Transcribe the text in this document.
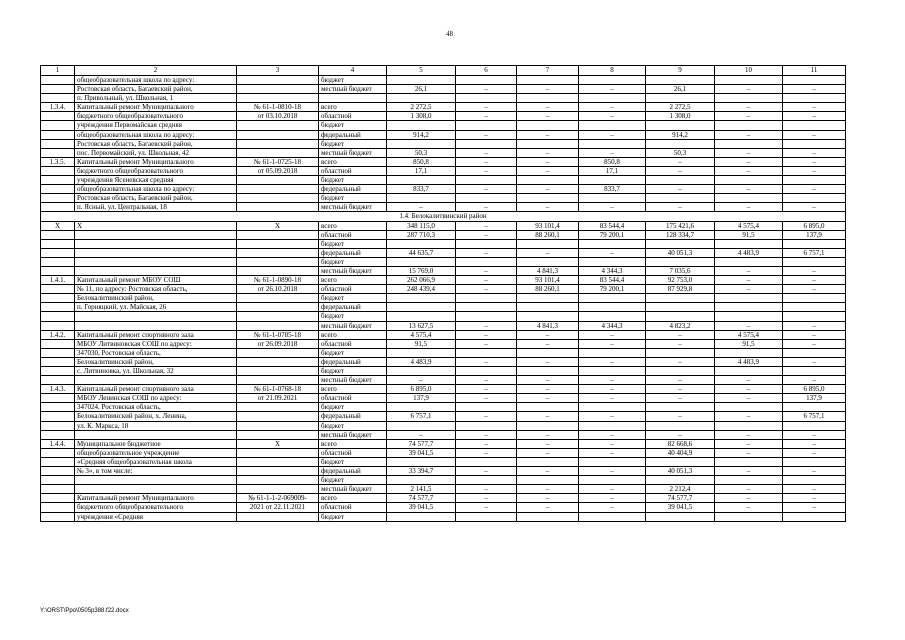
48
1	2	3	4	5	6	7	8	9	10	11
	общеобразовательная школа по адресу:		бюджет							
	Ростовская область, Багаевский район,		местный бюджет	26,1	–	–	–	26,1	–	–
	п. Привольный, ул. Школьная, 1									
1.3.4.	Капитальный ремонт Муниципального	№ 61-1-0810-18	всего	2 272,5	–	–	–	2 272,5	–	–
	бюджетного общеобразовательного	от 03.10.2018	областной	1 308,0	–	–	–	1 308,0	–	–
	учреждения Первомайская средняя		бюджет							
	общеобразовательная школа по адресу:		федеральный	914,2	–	–	–	914,2	–	–
	Ростовская область, Багаевский район,		бюджет							
	пос. Первомайский, ул. Школьная, 42		местный бюджет	50,3	–	–	–	50,3	–	–
1.3.5.	Капитальный ремонт Муниципального	№ 61-1-0725-18	всего	850,8	–	–	850,8	–	–	–
	бюджетного общеобразовательного	от 05.09.2018	областной	17,1	–	–	17,1	–	–	–
	учреждения Ясеневская средняя		бюджет							
	общеобразовательная школа по адресу:		федеральный	833,7	–	–	833,7	–	–	–
	Ростовская область, Багаевский район,		бюджет							
	п. Ясный, ул. Центральная, 18		местный бюджет	–	–	–	–	–	–	–
1.4. Белокалитвинский район										
X	X	X	всего	348 115,0	–	93 101,4	83 544,4	175 421,6	4 575,4	6 895,0
			областной	287 710,3	–	88 260,1	79 200,1	128 334,7	91,5	137,9
			бюджет							
			федеральный	44 635,7	–	–	–	40 051,3	4 483,9	6 757,1
			бюджет							
			местный бюджет	15 769,0	–	4 841,3	4 344,3	7 035,6	–	–
1.4.1.	Капитальный ремонт МБОУ СОШ	№ 61-1-0890-18	всего	262 066,9	–	93 101,4	83 544,4	92 753,0	–	–
	№ 11, по адресу: Ростовская область,	от 26.10.2018	областной	248 439,4	–	88 260,1	79 200,1	87 929,8	–	–
	Белокалитвинский район,		бюджет							
	п. Горняцкий, ул. Майская, 26		федеральный							
			бюджет							
			местный бюджет	13 627,5	–	4 841,3	4 344,3	4 823,2	–	–
1.4.2.	Капитальный ремонт спортивного зала	№ 61-1-0785-18	всего	4 575,4	–	–	–	–	4 575,4	–
	МБОУ Литвиновская СОШ по адресу:	от 26.09.2018	областной	91,5	–	–	–	–	91,5	–
	347030, Ростовская область,		бюджет							
	Белокалитвинский район,		федеральный	4 483,9	–	–	–	–	4 483,9	–
	с. Литвиновка, ул. Школьная, 32		бюджет							
			местный бюджет	–	–	–	–	–	–	–
1.4.3.	Капитальный ремонт спортивного зала	№ 61-1-0768-18	всего	6 895,0	–	–	–	–	–	6 895,0
	МБОУ Ленинская СОШ по адресу:	от 21.09.2021	областной	137,9	–	–	–	–	–	137,9
	347024, Ростовская область,		бюджет							
	Белокалитвинский район, х. Ленина,		федеральный	6 757,1	–	–	–	–	–	6 757,1
	ул. К. Маркса, 18		бюджет							
			местный бюджет	–	–	–	–	–	–	–
1.4.4.	Муниципальное бюджетное	X	всего	74 577,7	–	–	–	82 668,6	–	–
	общеобразовательное учреждение		областной	39 041,5	–	–	–	40 404,9	–	–
	«Средняя общеобразовательная школа		бюджет							
	№ 3», в том числе:		федеральный	33 394,7	–	–	–	40 051,3	–	–
			бюджет							
			местный бюджет	2 141,5	–	–	–	2 212,4	–	–
	Капитальный ремонт Муниципального	№ 61-1-1-2-069009-	всего	74 577,7	–	–	–	74 577,7	–	–
	бюджетного общеобразовательного	2021 от 22.11.2021	областной	39 041,5	–	–	–	39 041,5	–	–
	учреждения «Средняя		бюджет							
Y:\ORST\Ppo\0505p388.f22.docx
